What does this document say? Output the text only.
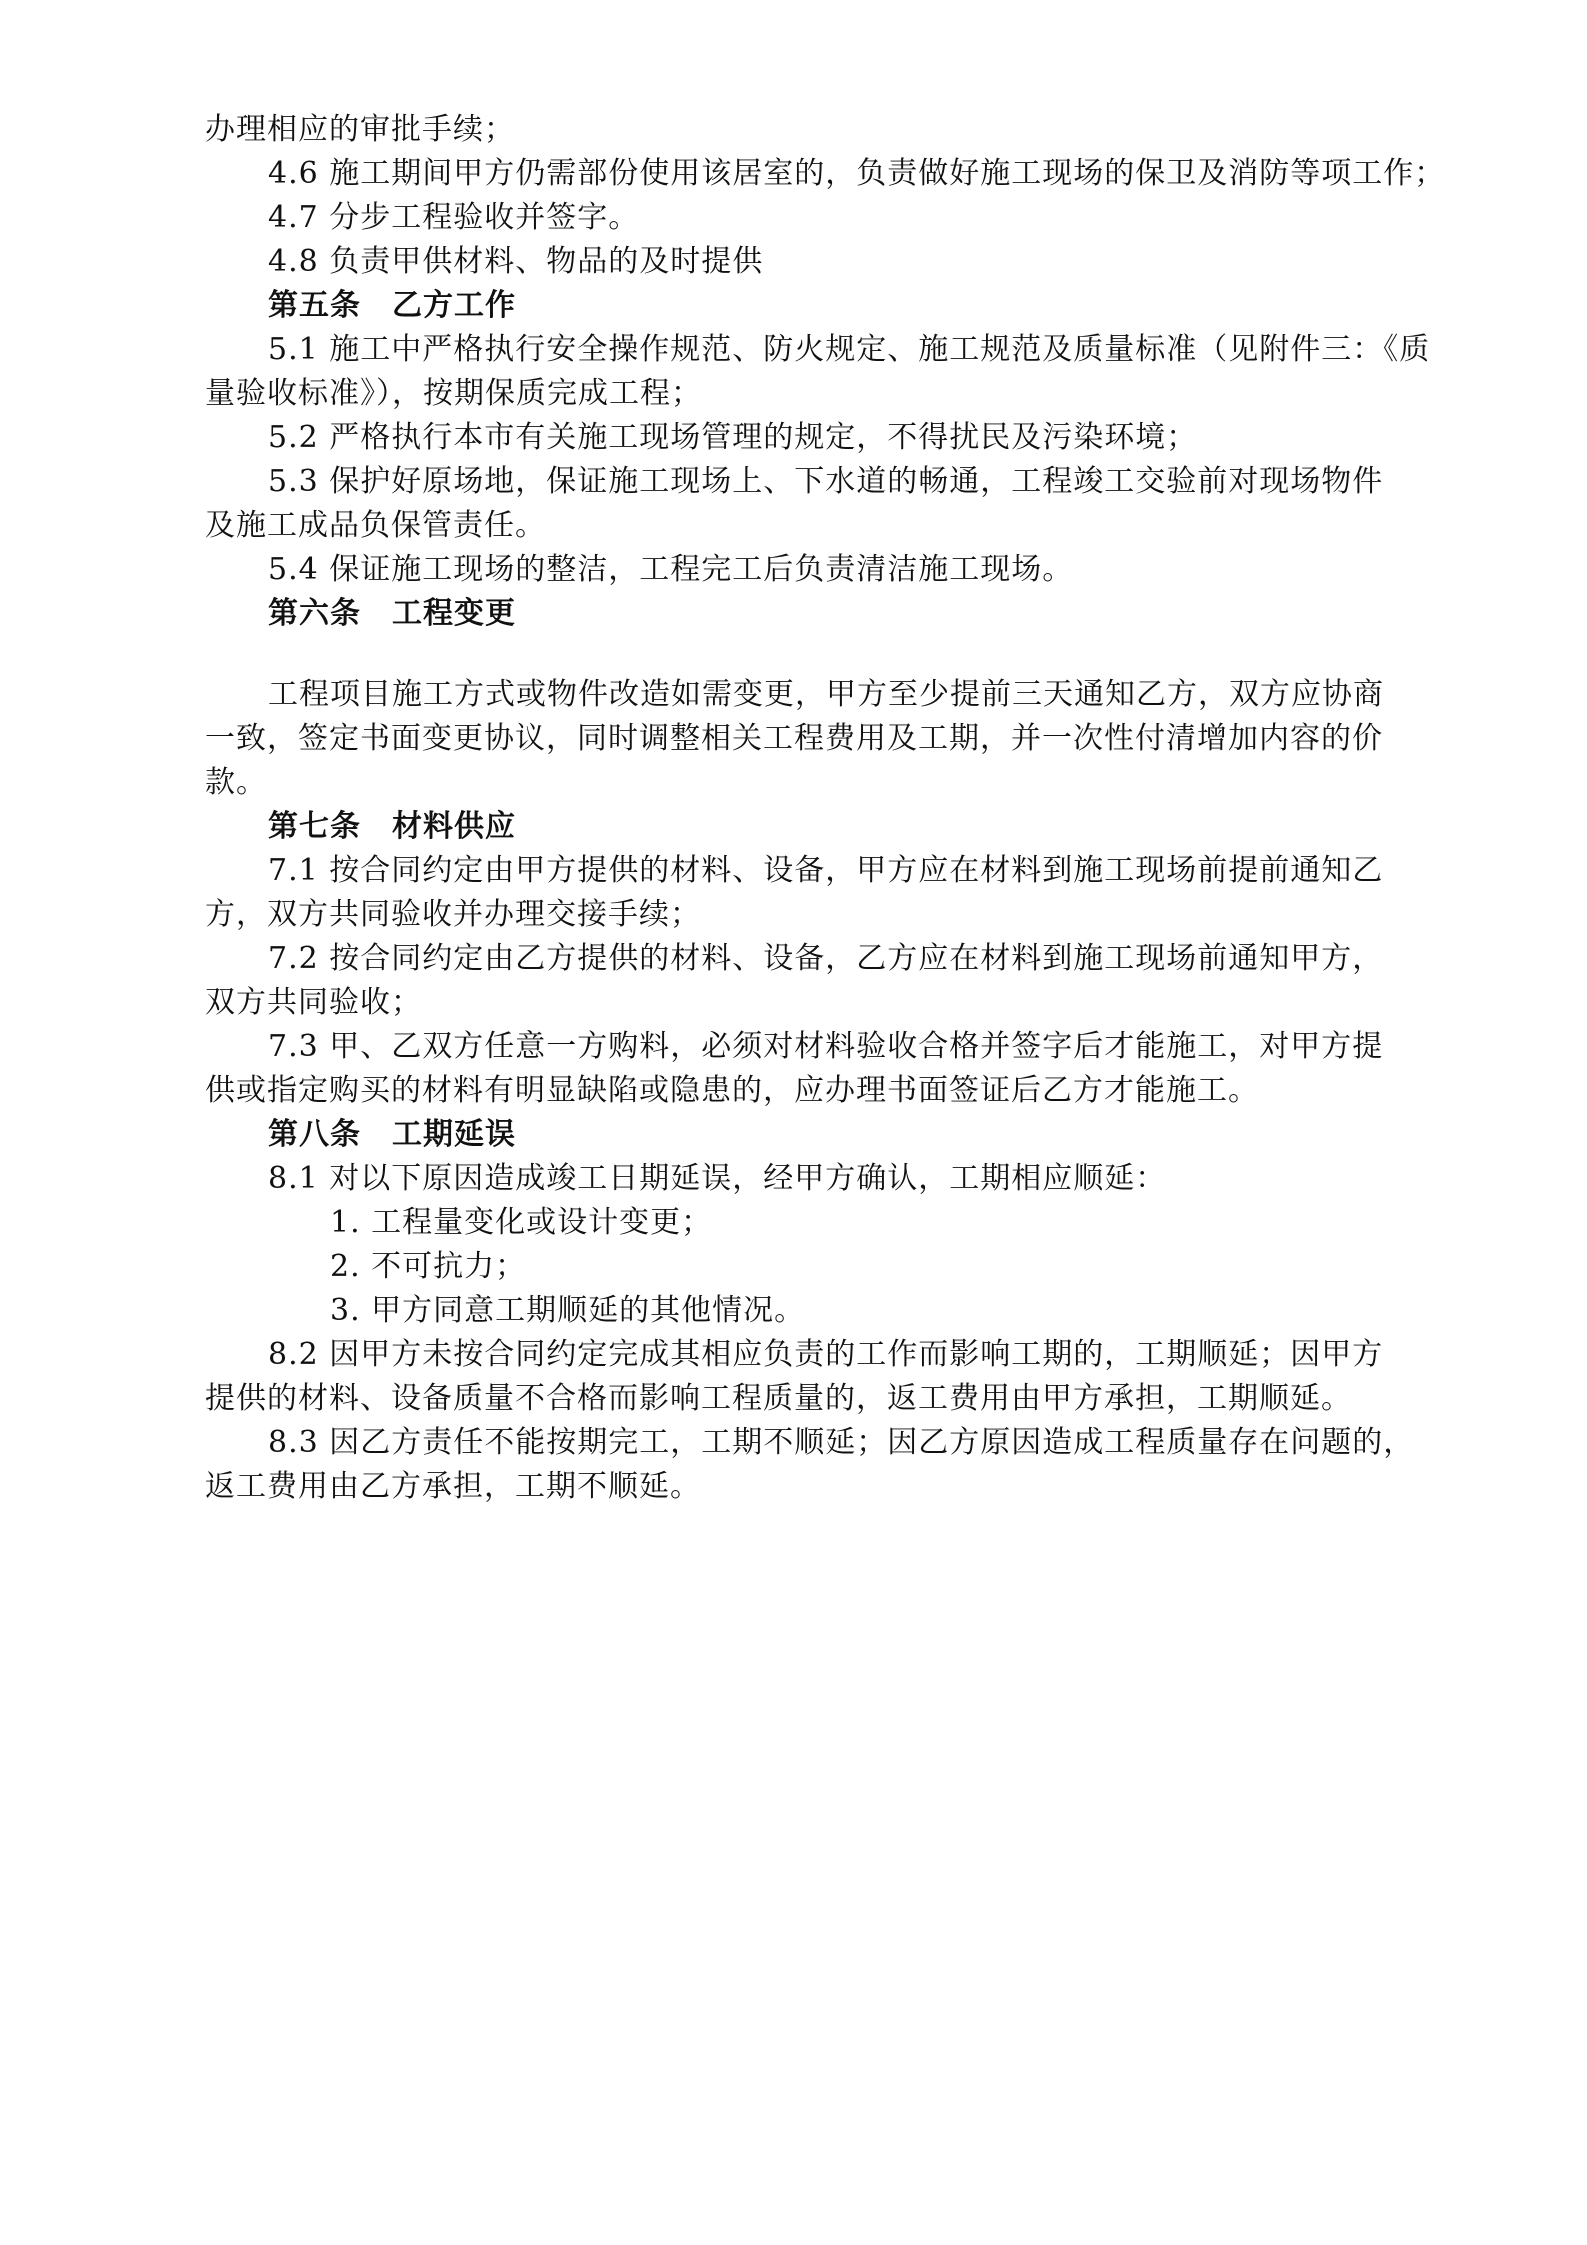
办理相应的审批手续；
4.6 施工期间甲方仍需部份使用该居室的，负责做好施工现场的保卫及消防等项工作；
4.7 分步工程验收并签字。
4.8 负责甲供材料、物品的及时提供
第五条　乙方工作
5.1 施工中严格执行安全操作规范、防火规定、施工规范及质量标准（见附件三：《质
量验收标准》），按期保质完成工程；
5.2 严格执行本市有关施工现场管理的规定，不得扰民及污染环境；
5.3 保护好原场地，保证施工现场上、下水道的畅通，工程竣工交验前对现场物件
及施工成品负保管责任。
5.4 保证施工现场的整洁，工程完工后负责清洁施工现场。
第六条　工程变更
工程项目施工方式或物件改造如需变更，甲方至少提前三天通知乙方，双方应协商
一致，签定书面变更协议，同时调整相关工程费用及工期，并一次性付清增加内容的价
款。
第七条　材料供应
7.1 按合同约定由甲方提供的材料、设备，甲方应在材料到施工现场前提前通知乙
方，双方共同验收并办理交接手续；
7.2 按合同约定由乙方提供的材料、设备，乙方应在材料到施工现场前通知甲方，
双方共同验收；
7.3 甲、乙双方任意一方购料，必须对材料验收合格并签字后才能施工，对甲方提
供或指定购买的材料有明显缺陷或隐患的，应办理书面签证后乙方才能施工。
第八条　工期延误
8.1 对以下原因造成竣工日期延误，经甲方确认，工期相应顺延：
1. 工程量变化或设计变更；
2. 不可抗力；
3. 甲方同意工期顺延的其他情况。
8.2 因甲方未按合同约定完成其相应负责的工作而影响工期的，工期顺延；因甲方
提供的材料、设备质量不合格而影响工程质量的，返工费用由甲方承担，工期顺延。
8.3 因乙方责任不能按期完工，工期不顺延；因乙方原因造成工程质量存在问题的，
返工费用由乙方承担，工期不顺延。
